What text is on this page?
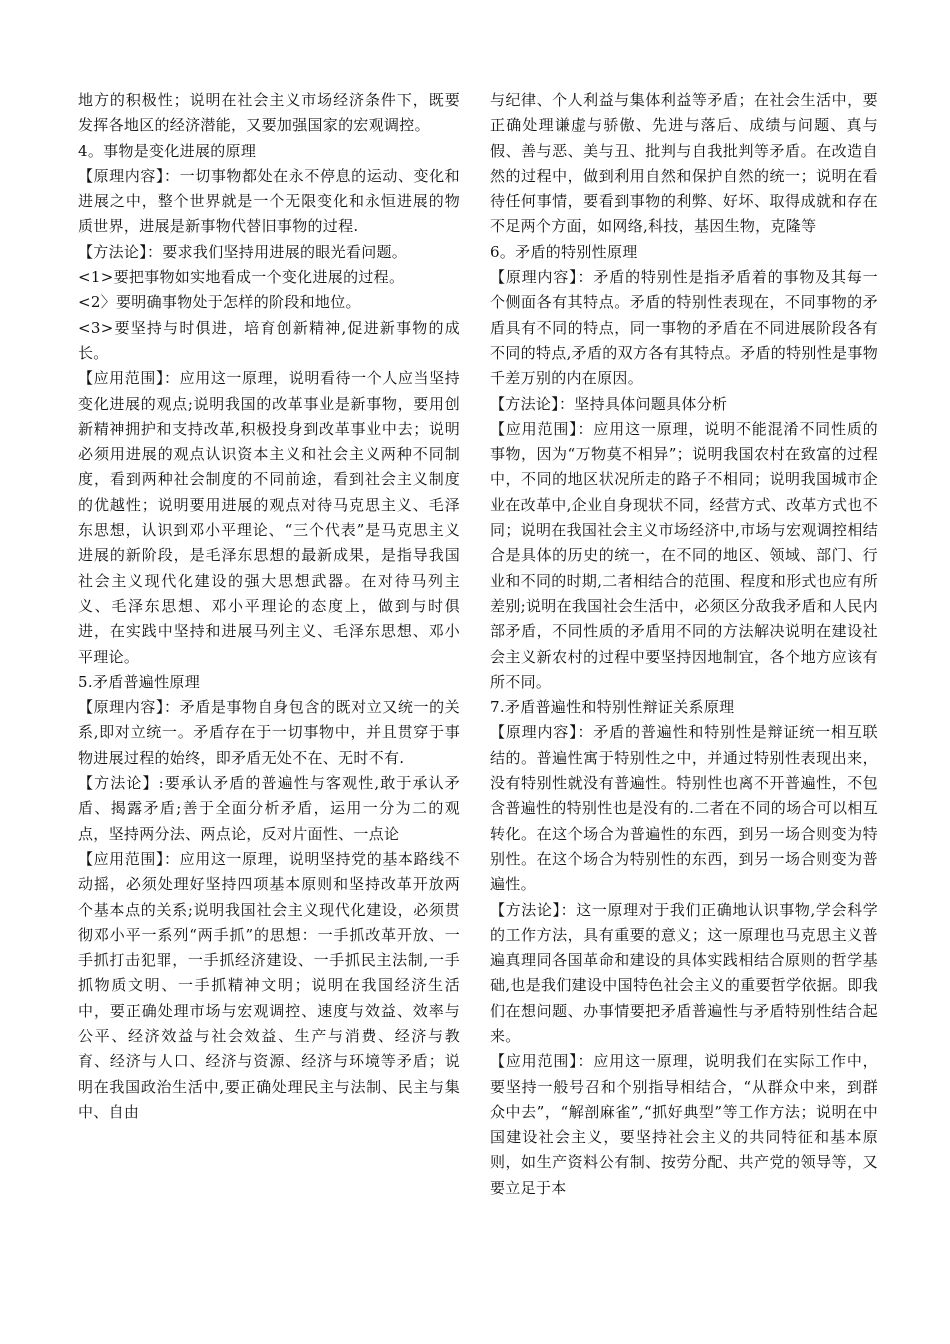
地方的积极性；说明在社会主义市场经济条件下，既要发挥各地区的经济潜能，又要加强国家的宏观调控。

4。事物是变化进展的原理

【原理内容】：一切事物都处在永不停息的运动、变化和进展之中，整个世界就是一个无限变化和永恒进展的物质世界，进展是新事物代替旧事物的过程.

【方法论】：要求我们坚持用进展的眼光看问题。

<1>要把事物如实地看成一个变化进展的过程。

<2〉要明确事物处于怎样的阶段和地位。

<3>要坚持与时俱进，培育创新精神,促进新事物的成长。

【应用范围】：应用这一原理，说明看待一个人应当坚持变化进展的观点;说明我国的改革事业是新事物，要用创新精神拥护和支持改革,积极投身到改革事业中去；说明必须用进展的观点认识资本主义和社会主义两种不同制度，看到两种社会制度的不同前途，看到社会主义制度的优越性；说明要用进展的观点对待马克思主义、毛泽东思想，认识到邓小平理论、“三个代表”是马克思主义进展的新阶段，是毛泽东思想的最新成果，是指导我国社会主义现代化建设的强大思想武器。在对待马列主义、毛泽东思想、邓小平理论的态度上，做到与时俱进，在实践中坚持和进展马列主义、毛泽东思想、邓小平理论。

5.矛盾普遍性原理

【原理内容】：矛盾是事物自身包含的既对立又统一的关系,即对立统一。矛盾存在于一切事物中，并且贯穿于事物进展过程的始终，即矛盾无处不在、无时不有.

【方法论】:要承认矛盾的普遍性与客观性,敢于承认矛盾、揭露矛盾;善于全面分析矛盾，运用一分为二的观点，坚持两分法、两点论，反对片面性、一点论

【应用范围】：应用这一原理，说明坚持党的基本路线不动摇，必须处理好坚持四项基本原则和坚持改革开放两个基本点的关系;说明我国社会主义现代化建设，必须贯彻邓小平一系列“两手抓”的思想：一手抓改革开放、一手抓打击犯罪，一手抓经济建设、一手抓民主法制,一手抓物质文明、一手抓精神文明；说明在我国经济生活中，要正确处理市场与宏观调控、速度与效益、效率与公平、经济效益与社会效益、生产与消费、经济与教育、经济与人口、经济与资源、经济与环境等矛盾；说明在我国政治生活中,要正确处理民主与法制、民主与集中、自由

与纪律、个人利益与集体利益等矛盾；在社会生活中，要正确处理谦虚与骄傲、先进与落后、成绩与问题、真与假、善与恶、美与丑、批判与自我批判等矛盾。在改造自然的过程中，做到利用自然和保护自然的统一；说明在看待任何事情，要看到事物的利弊、好坏、取得成就和存在不足两个方面，如网络,科技，基因生物，克隆等

6。矛盾的特别性原理

【原理内容】：矛盾的特别性是指矛盾着的事物及其每一个侧面各有其特点。矛盾的特别性表现在，不同事物的矛盾具有不同的特点，同一事物的矛盾在不同进展阶段各有不同的特点,矛盾的双方各有其特点。矛盾的特别性是事物千差万别的内在原因。

【方法论】：坚持具体问题具体分析

【应用范围】：应用这一原理，说明不能混淆不同性质的事物，因为“万物莫不相异”；说明我国农村在致富的过程中，不同的地区状况所走的路子不相同；说明我国城市企业在改革中,企业自身现状不同，经营方式、改革方式也不同；说明在我国社会主义市场经济中,市场与宏观调控相结合是具体的历史的统一，在不同的地区、领域、部门、行业和不同的时期,二者相结合的范围、程度和形式也应有所差别;说明在我国社会生活中，必须区分敌我矛盾和人民内部矛盾，不同性质的矛盾用不同的方法解决说明在建设社会主义新农村的过程中要坚持因地制宜，各个地方应该有所不同。

7.矛盾普遍性和特别性辩证关系原理

【原理内容】：矛盾的普遍性和特别性是辩证统一相互联结的。普遍性寓于特别性之中，并通过特别性表现出来，没有特别性就没有普遍性。特别性也离不开普遍性，不包含普遍性的特别性也是没有的.二者在不同的场合可以相互转化。在这个场合为普遍性的东西，到另一场合则变为特别性。在这个场合为特别性的东西，到另一场合则变为普遍性。

【方法论】：这一原理对于我们正确地认识事物,学会科学的工作方法，具有重要的意义；这一原理也马克思主义普遍真理同各国革命和建设的具体实践相结合原则的哲学基础,也是我们建设中国特色社会主义的重要哲学依据。即我们在想问题、办事情要把矛盾普遍性与矛盾特别性结合起来。

【应用范围】：应用这一原理，说明我们在实际工作中，要坚持一般号召和个别指导相结合，“从群众中来，到群众中去”，“解剖麻雀”,“抓好典型”等工作方法；说明在中国建设社会主义，要坚持社会主义的共同特征和基本原则，如生产资料公有制、按劳分配、共产党的领导等，又要立足于本
